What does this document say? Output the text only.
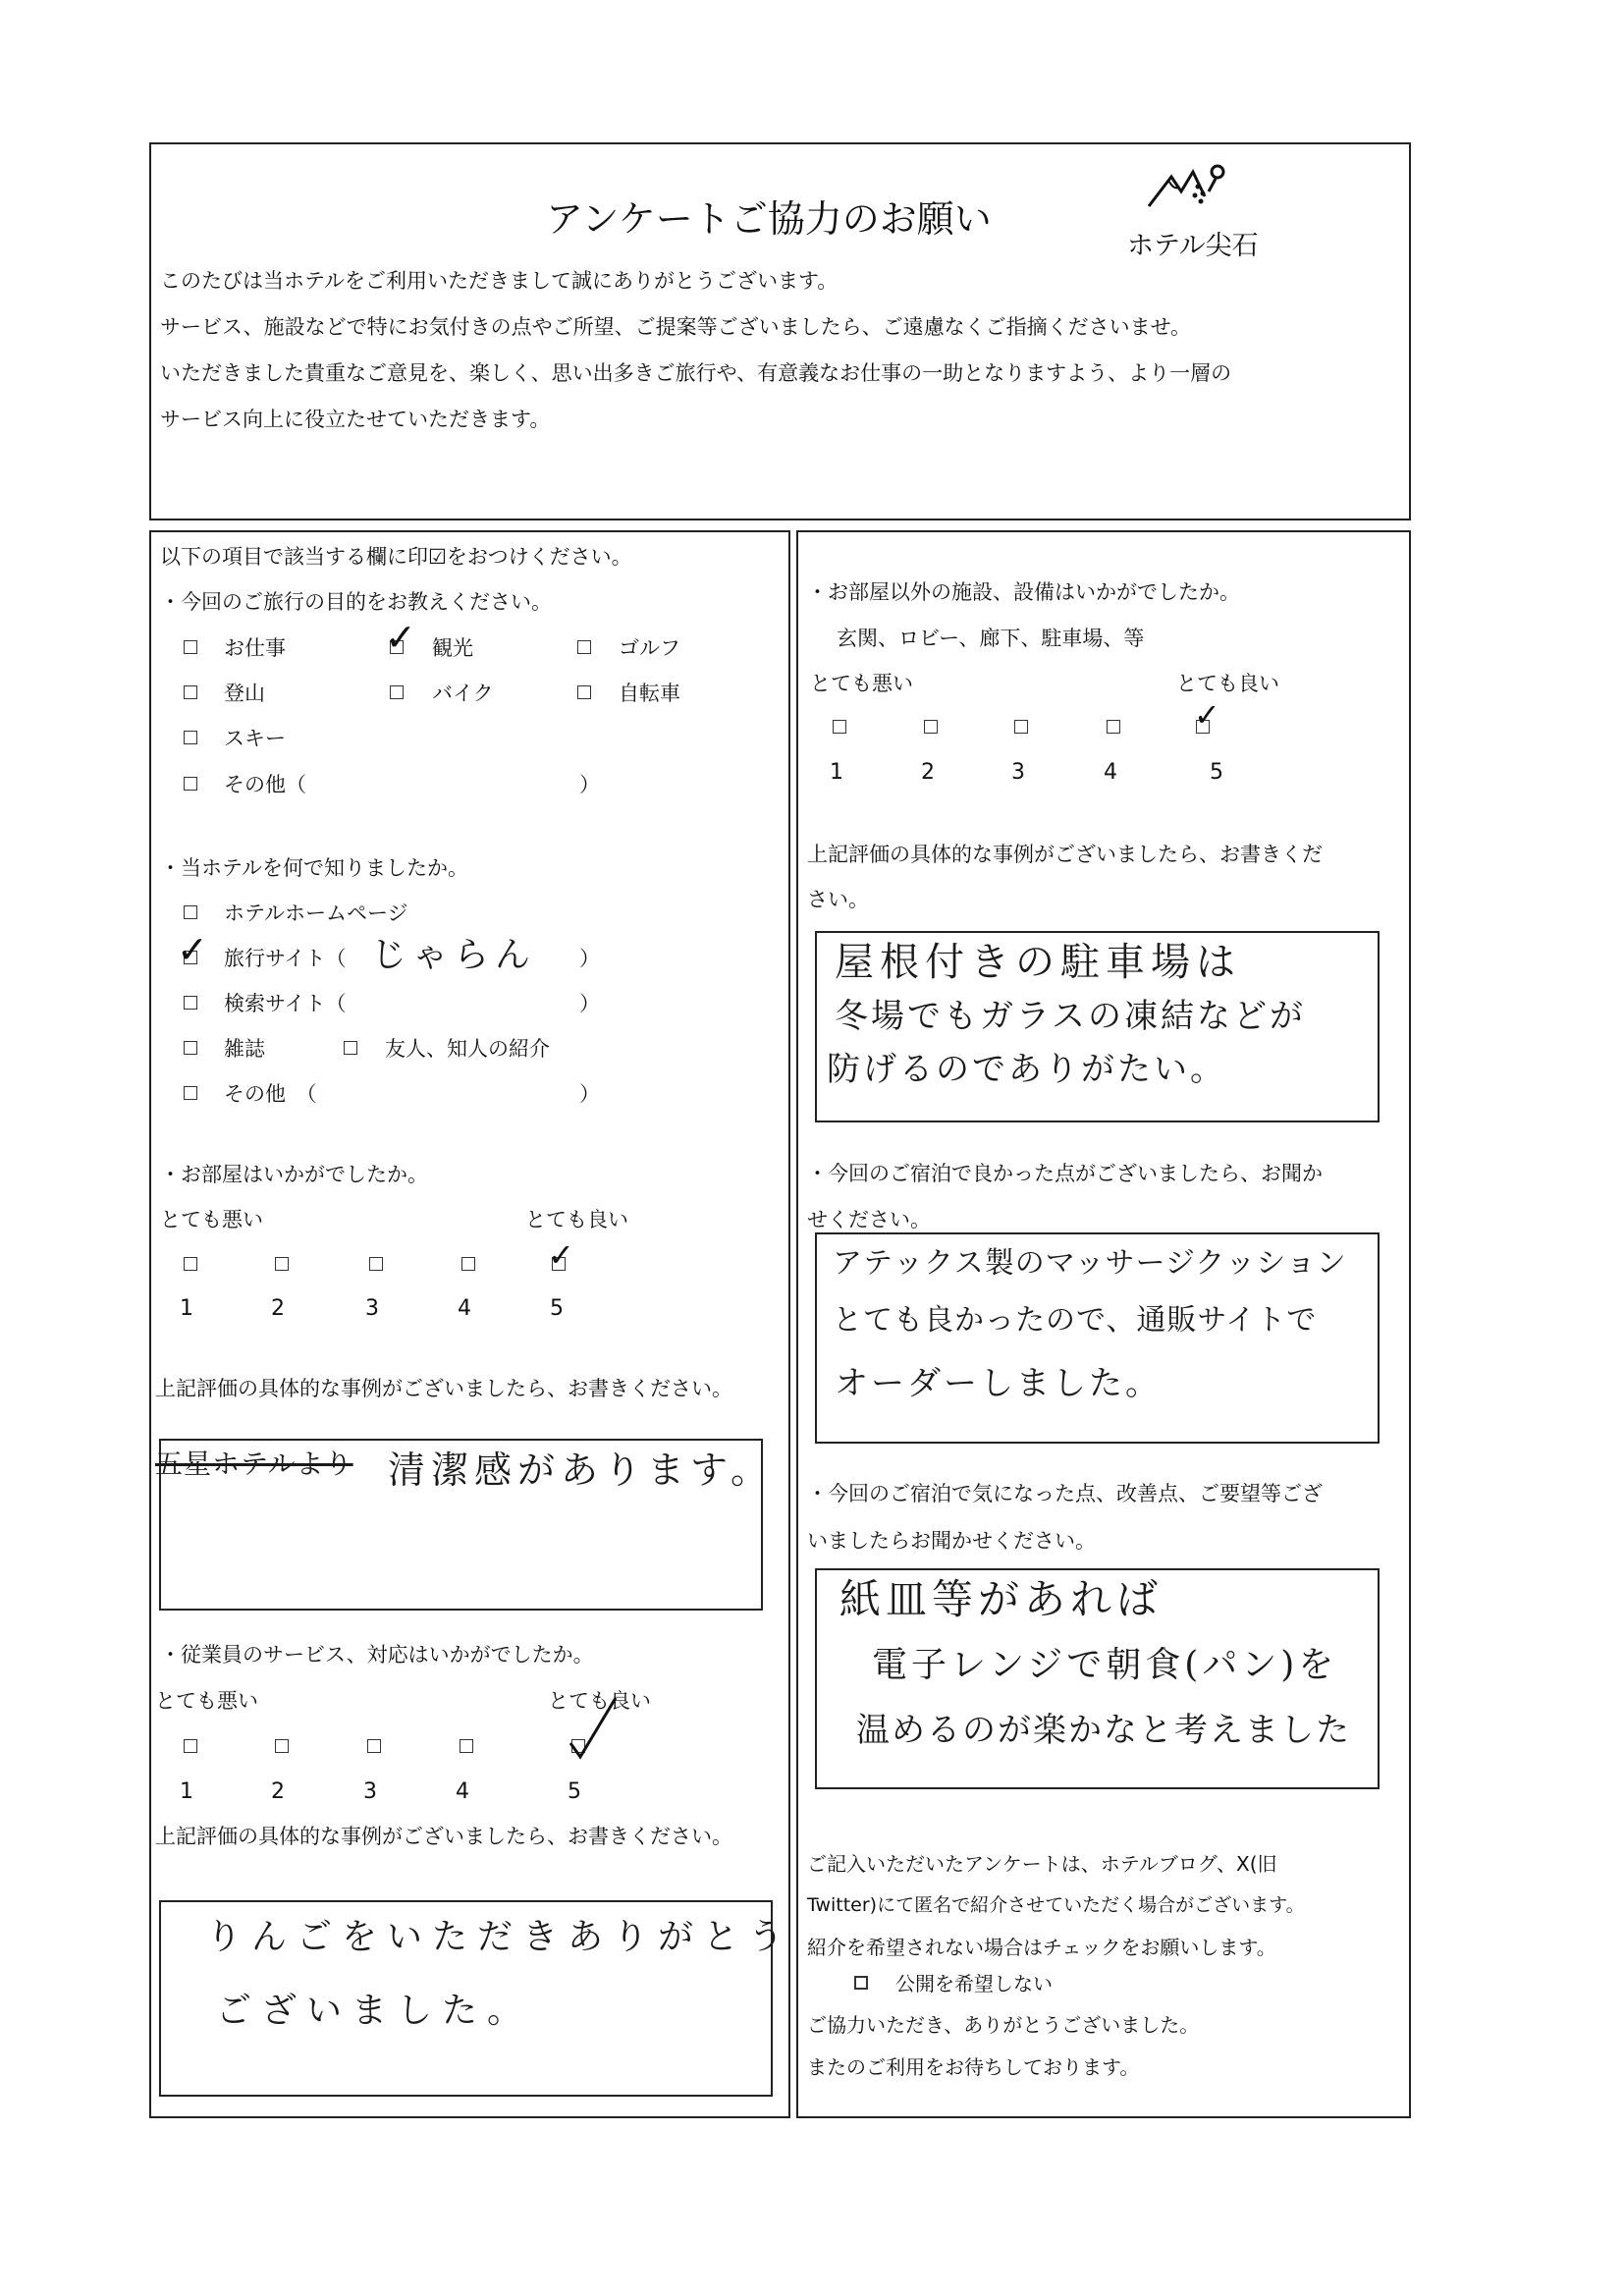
アンケートご協力のお願い
ホテル尖石
このたびは当ホテルをご利用いただきまして誠にありがとうございます。
サービス、施設などで特にお気付きの点やご所望、ご提案等ございましたら、ご遠慮なくご指摘くださいませ。
いただきました貴重なご意見を、楽しく、思い出多きご旅行や、有意義なお仕事の一助となりますよう、より一層の
サービス向上に役立たせていただきます。
以下の項目で該当する欄に印☑をおつけください。
・今回のご旅行の目的をお教えください。
お仕事	✓ 観光	ゴルフ
登山	バイク	自転車
スキー
その他（	）
・当ホテルを何で知りましたか。
ホテルホームページ
✓ 旅行サイト（ じゃらん ）
検索サイト（	）
雑誌	友人、知人の紹介
その他　（	）
・お部屋はいかがでしたか。
とても悪い	とても良い
✓
1	2	3	4	5
上記評価の具体的な事例がございましたら、お書きください。
五星ホテルより 清潔感があります。
・従業員のサービス、対応はいかがでしたか。
とても悪い	とても良い
1	2	3	4	5
上記評価の具体的な事例がございましたら、お書きください。
りんごをいただきありがとう
ございました。
・お部屋以外の施設、設備はいかがでしたか。
玄関、ロビー、廊下、駐車場、等
とても悪い	とても良い
✓
1	2	3	4	5
上記評価の具体的な事例がございましたら、お書きくだ
さい。
屋根付きの駐車場は
冬場でもガラスの凍結などが
防げるのでありがたい。
・今回のご宿泊で良かった点がございましたら、お聞か
せください。
アテックス製のマッサージクッション
とても良かったので、通販サイトで
オーダーしました。
・今回のご宿泊で気になった点、改善点、ご要望等ござ
いましたらお聞かせください。
紙皿等があれば
電子レンジで朝食(パン)を
温めるのが楽かなと考えました
ご記入いただいたアンケートは、ホテルブログ、X(旧
Twitter)にて匿名で紹介させていただく場合がございます。
紹介を希望されない場合はチェックをお願いします。
公開を希望しない
ご協力いただき、ありがとうございました。
またのご利用をお待ちしております。
